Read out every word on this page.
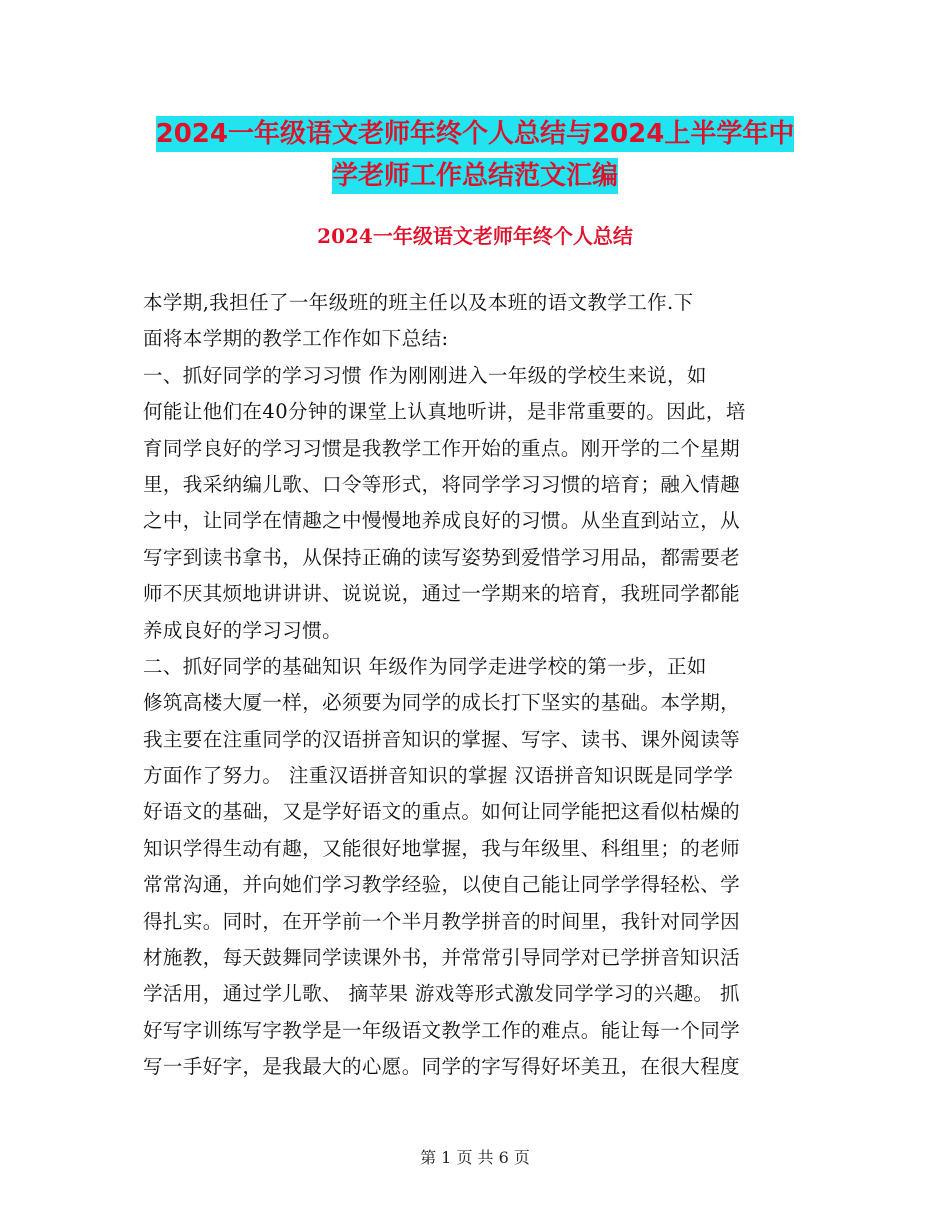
2024一年级语文老师年终个人总结与2024上半学年中
学老师工作总结范文汇编
2024一年级语文老师年终个人总结
本学期,我担任了一年级班的班主任以及本班的语文教学工作.下
面将本学期的教学工作作如下总结:
一、抓好同学的学习习惯 作为刚刚进入一年级的学校生来说，如
何能让他们在40分钟的课堂上认真地听讲，是非常重要的。因此，培
育同学良好的学习习惯是我教学工作开始的重点。刚开学的二个星期
里，我采纳编儿歌、口令等形式，将同学学习习惯的培育；融入情趣
之中，让同学在情趣之中慢慢地养成良好的习惯。从坐直到站立，从
写字到读书拿书，从保持正确的读写姿势到爱惜学习用品，都需要老
师不厌其烦地讲讲讲、说说说，通过一学期来的培育，我班同学都能
养成良好的学习习惯。
二、抓好同学的基础知识 年级作为同学走进学校的第一步，正如
修筑高楼大厦一样，必须要为同学的成长打下坚实的基础。本学期，
我主要在注重同学的汉语拼音知识的掌握、写字、读书、课外阅读等
方面作了努力。 注重汉语拼音知识的掌握 汉语拼音知识既是同学学
好语文的基础，又是学好语文的重点。如何让同学能把这看似枯燥的
知识学得生动有趣，又能很好地掌握，我与年级里、科组里；的老师
常常沟通，并向她们学习教学经验，以使自己能让同学学得轻松、学
得扎实。同时，在开学前一个半月教学拼音的时间里，我针对同学因
材施教，每天鼓舞同学读课外书，并常常引导同学对已学拼音知识活
学活用，通过学儿歌、 摘苹果 游戏等形式激发同学学习的兴趣。 抓
好写字训练写字教学是一年级语文教学工作的难点。能让每一个同学
写一手好字，是我最大的心愿。同学的字写得好坏美丑，在很大程度
第 1 页 共 6 页
